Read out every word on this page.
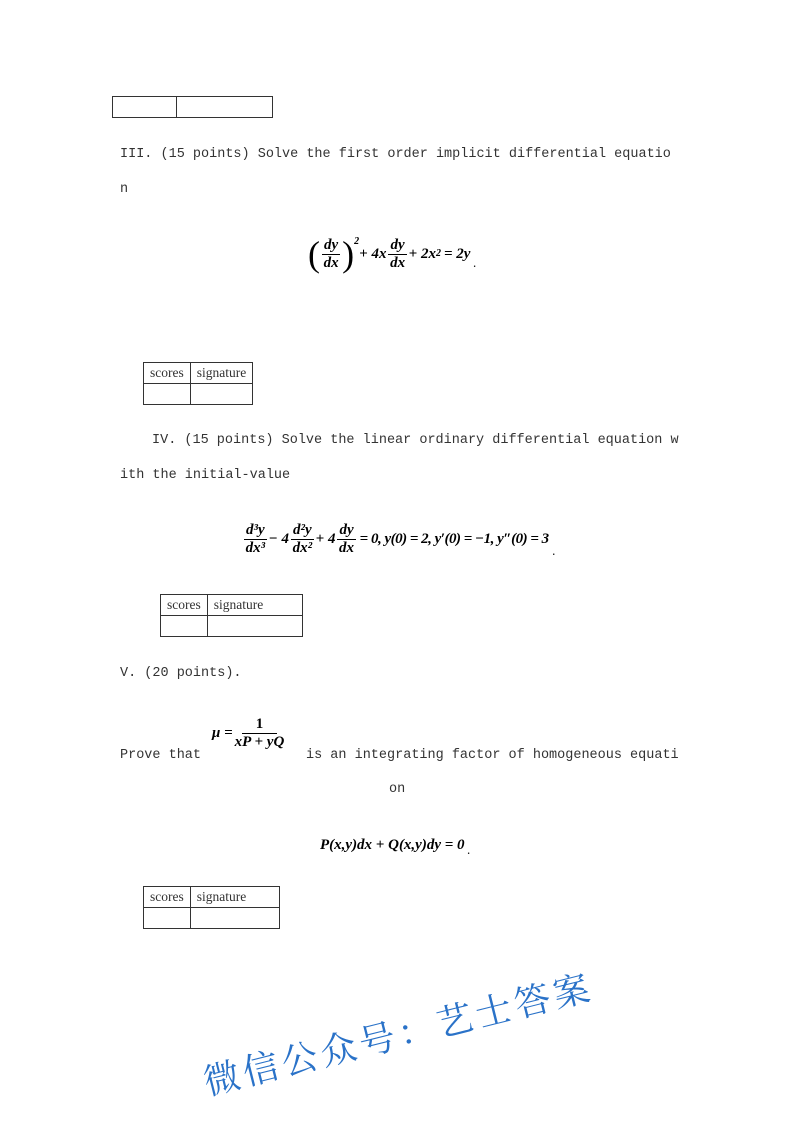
III. (15 points) Solve the first order implicit differential equatio
n
( $\frac{dy}{dx}$ ) 2
+ $4x \frac{dy}{dx} + 2x$ 2 = 2y
.
scores	signature

IV. (15 points) Solve the linear ordinary differential equation w
ith the initial-value
$\frac{\text{d³y}}{\text{dx³}} - 4 \frac{\text{d²y}}{\text{dx²}} + 4 \frac{dy}{dx} = 0$, y(0) = 2, y′(0) = −1, y″(0) = 3
.
scores	signature

V. (20 points).
Prove that
$\mu = \frac{1}{xP + yQ}$
is an integrating factor of homogeneous equati
on
P(x,y)dx + Q(x,y)dy = 0 .
scores	signature

微信公众号：艺士答案
